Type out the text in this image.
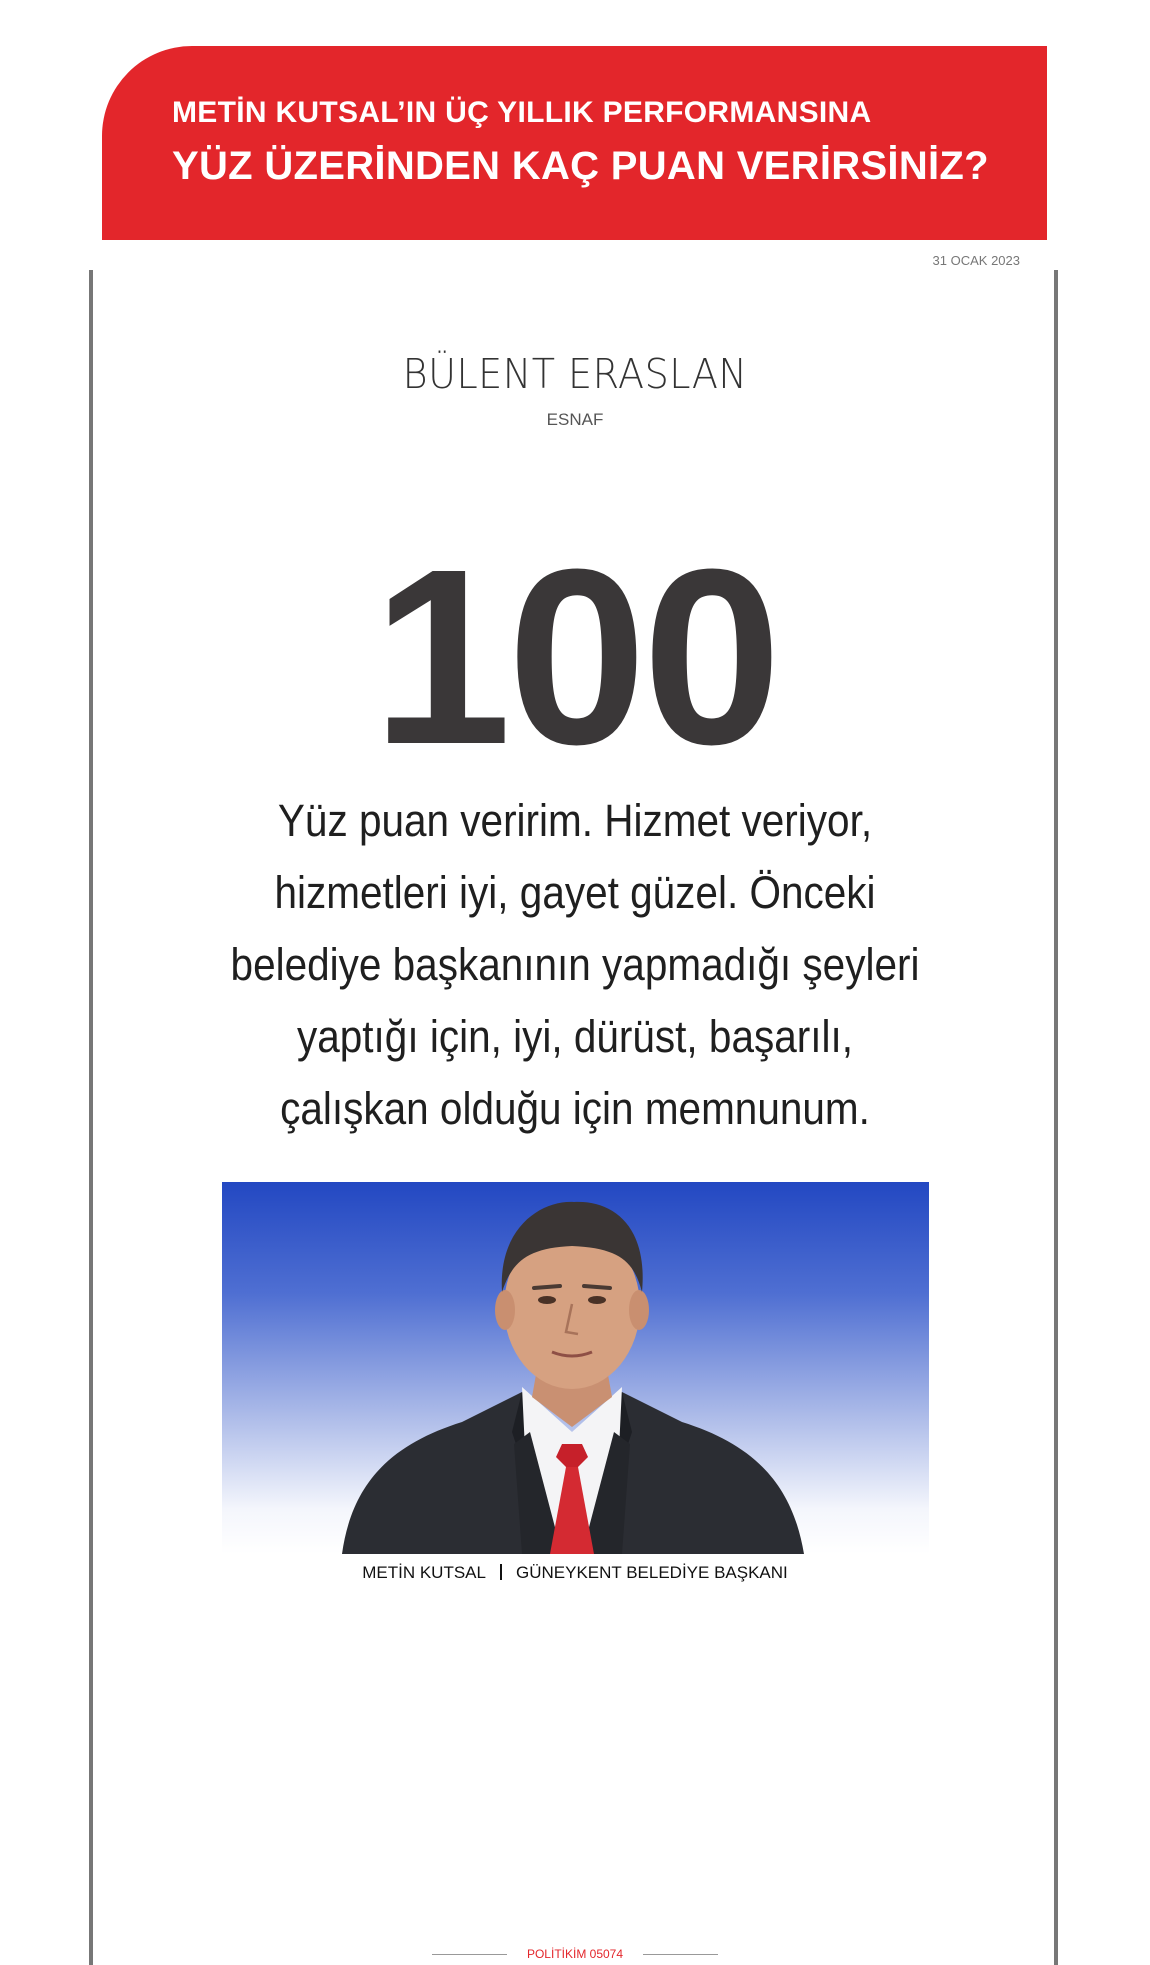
METİN KUTSAL’IN ÜÇ YILLIK PERFORMANSINA
YÜZ ÜZERİNDEN KAÇ PUAN VERİRSİNİZ?
31 OCAK 2023
BÜLENT ERASLAN
ESNAF
100
Yüz puan veririm. Hizmet veriyor, hizmetleri iyi, gayet güzel. Önceki belediye başkanının yapmadığı şeyleri yaptığı için, iyi, dürüst, başarılı, çalışkan olduğu için memnunum.
METİN KUTSAL GÜNEYKENT BELEDİYE BAŞKANI
POLİTİKİM 05074
